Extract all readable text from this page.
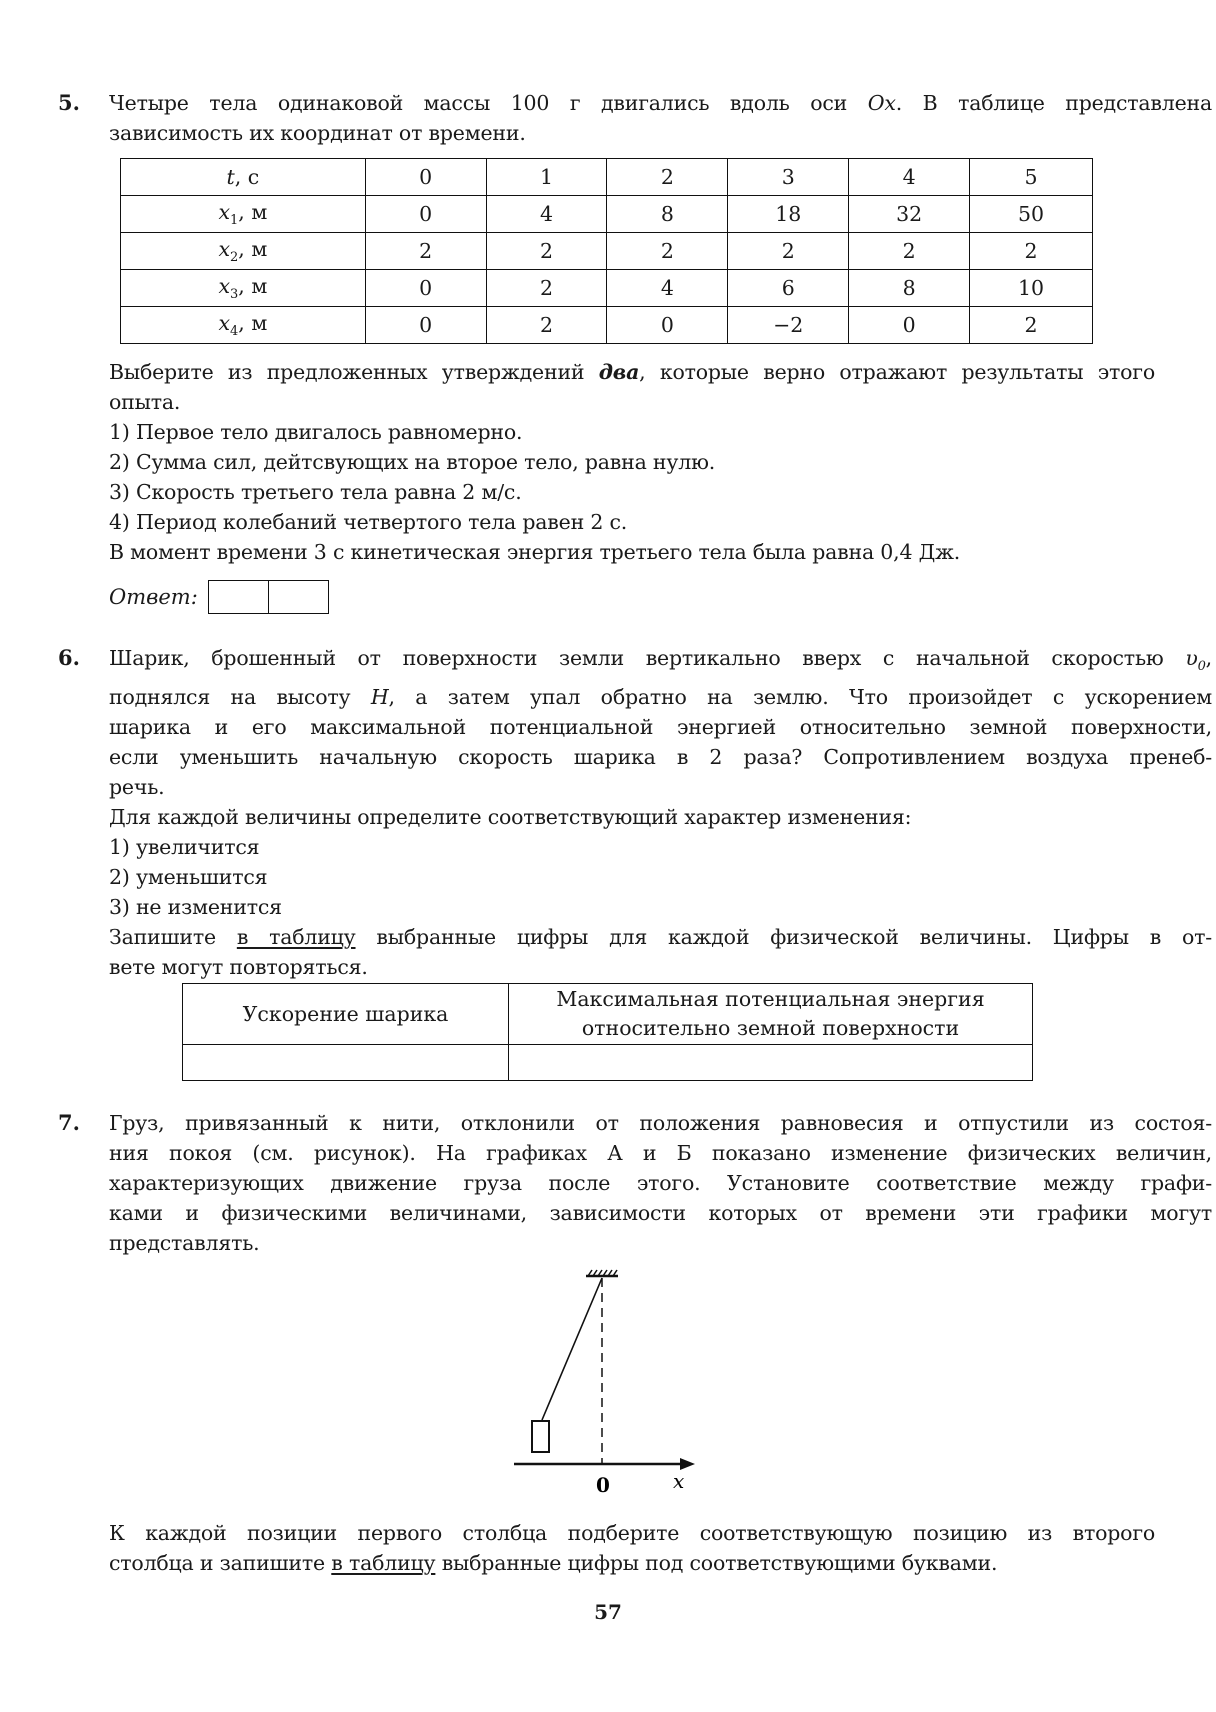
5. Четыре тела одинаковой массы 100 г двигались вдоль оси Ox. В таблице представлена
зависимость их координат от времени.
t, с	0	1	2	3	4	5
$x_1$, м	0	4	8	18	32	50
$x_2$, м	2	2	2	2	2	2
$x_3$, м	0	2	4	6	8	10
$x_4$, м	0	2	0	−2	0	2
Выберите из предложенных утверждений два, которые верно отражают результаты этого
опыта.
1) Первое тело двигалось равномерно.
2) Сумма сил, дейтсвующих на второе тело, равна нулю.
3) Скорость третьего тела равна 2 м/с.
4) Период колебаний четвертого тела равен 2 с.
В момент времени 3 с кинетическая энергия третьего тела была равна 0,4 Дж.
Ответ:
6. Шарик, брошенный от поверхности земли вертикально вверх с начальной скоростью $\upsilon_0$,
поднялся на высоту H, а затем упал обратно на землю. Что произойдет с ускорением
шарика и его максимальной потенциальной энергией относительно земной поверхности,
если уменьшить начальную скорость шарика в 2 раза? Сопротивлением воздуха пренеб-
речь.
Для каждой величины определите соответствующий характер изменения:
1) увеличится
2) уменьшится
3) не изменится
Запишите в таблицу выбранные цифры для каждой физической величины. Цифры в от-
вете могут повторяться.
Ускорение шарика	Максимальная потенциальная энергия
относительно земной поверхности

7. Груз, привязанный к нити, отклонили от положения равновесия и отпустили из состоя-
ния покоя (см. рисунок). На графиках А и Б показано изменение физических величин,
характеризующих движение груза после этого. Установите соответствие между графи-
ками и физическими величинами, зависимости которых от времени эти графики могут
представлять.
0	x
К каждой позиции первого столбца подберите соответствующую позицию из второго
столбца и запишите в таблицу выбранные цифры под соответствующими буквами.
57
